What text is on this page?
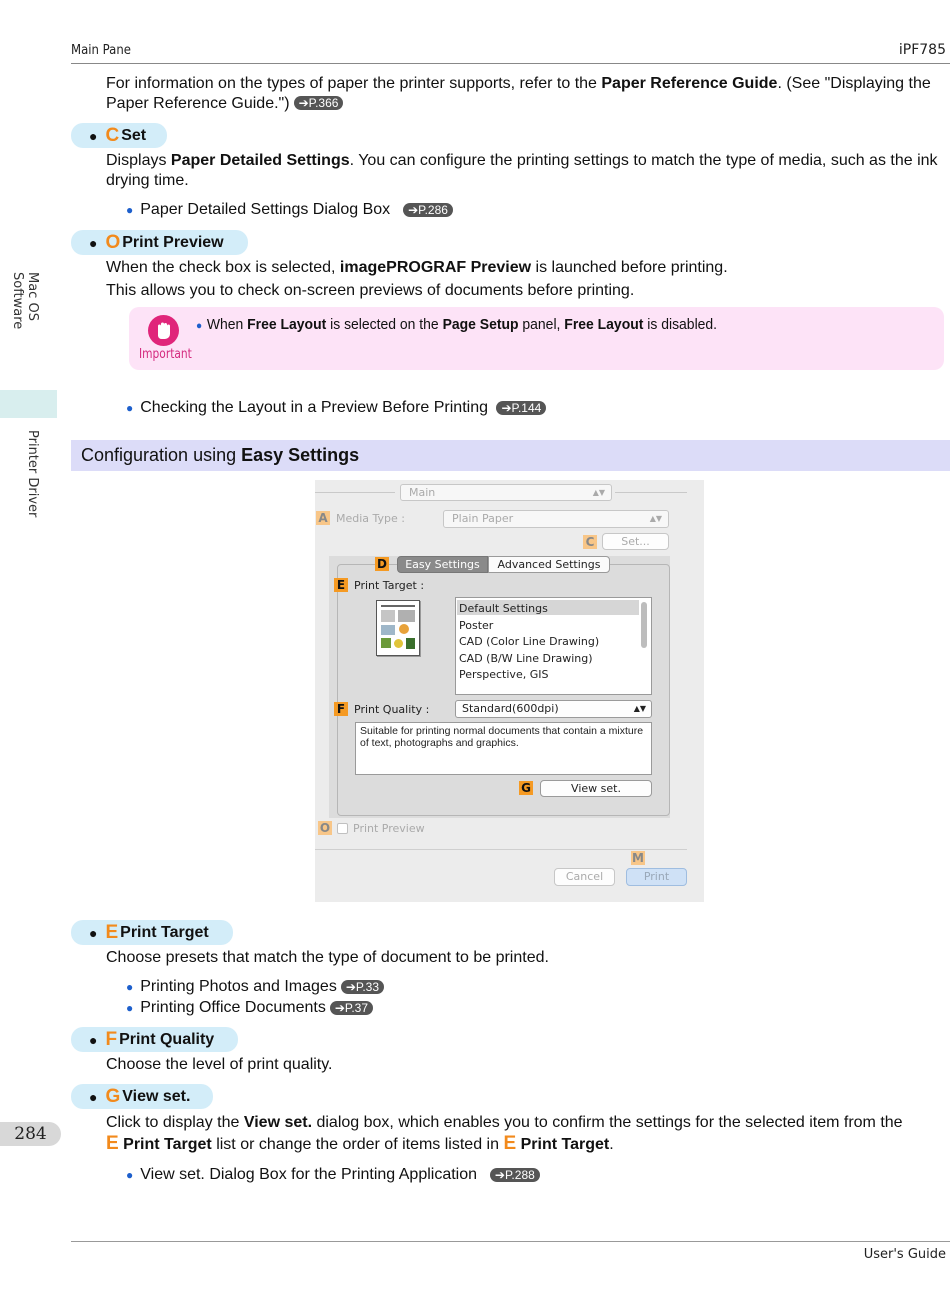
Main Pane	iPF785
User's Guide
Mac OS Software
Printer Driver
284
For information on the types of paper the printer supports, refer to the Paper Reference Guide. (See "Displaying the Paper Reference Guide.") ➔P.366
● C Set
Displays Paper Detailed Settings. You can configure the printing settings to match the type of media, such as the ink drying time.
● Paper Detailed Settings Dialog Box
	➔P.286
● O Print Preview
When the check box is selected, imagePROGRAF Preview is launched before printing.
This allows you to check on-screen previews of documents before printing.
Important
● When Free Layout is selected on the Page Setup panel, Free Layout is disabled.
● Checking the Layout in a Preview Before Printing
	➔P.144
Configuration using Easy Settings
Main	▲▼
A Media Type :	Plain Paper	▲▼
C	Set...
D	Easy Settings	Advanced Settings
E Print Target :
Default Settings
Poster
CAD (Color Line Drawing)
CAD (B/W Line Drawing)
Perspective, GIS
F Print Quality :	Standard(600dpi)	▲▼
Suitable for printing normal documents that contain a mixture of text, photographs and graphics.
G	View set.
O Print Preview
M
Cancel	Print
● E Print Target
Choose presets that match the type of document to be printed.
● Printing Photos and Images ➔P.33
● Printing Office Documents ➔P.37
● F Print Quality
Choose the level of print quality.
● G View set.
Click to display the View set. dialog box, which enables you to confirm the settings for the selected item from the
E Print Target list or change the order of items listed in E Print Target.
● View set. Dialog Box for the Printing Application
	➔P.288
